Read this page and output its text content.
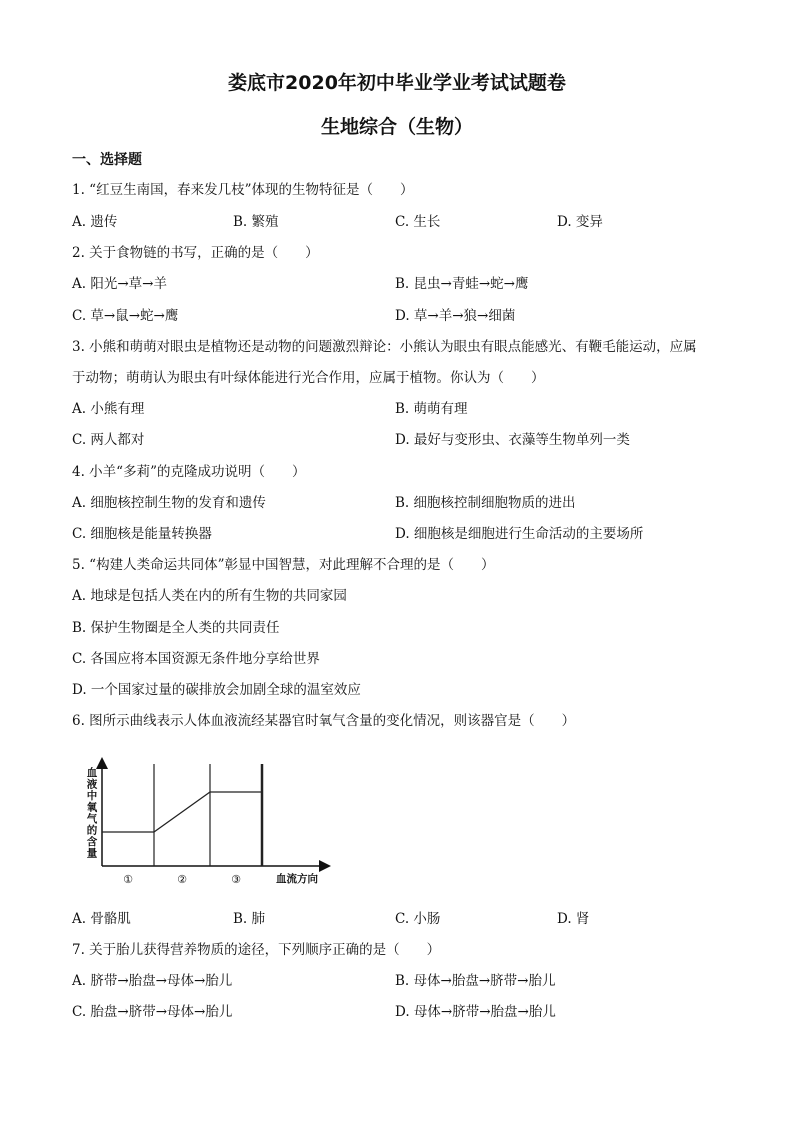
娄底市2020年初中毕业学业考试试题卷
生地综合（生物）
一、选择题
1. “红豆生南国，春来发几枝”体现的生物特征是（　　）
A. 遗传	B. 繁殖	C. 生长	D. 变异
2. 关于食物链的书写，正确的是（　　）
A. 阳光→草→羊	B. 昆虫→青蛙→蛇→鹰
C. 草→鼠→蛇→鹰	D. 草→羊→狼→细菌
3. 小熊和萌萌对眼虫是植物还是动物的问题激烈辩论：小熊认为眼虫有眼点能感光、有鞭毛能运动，应属
于动物；萌萌认为眼虫有叶绿体能进行光合作用，应属于植物。你认为（　　）
A. 小熊有理	B. 萌萌有理
C. 两人都对	D. 最好与变形虫、衣藻等生物单列一类
4. 小羊“多莉”的克隆成功说明（　　）
A. 细胞核控制生物的发育和遗传	B. 细胞核控制细胞物质的进出
C. 细胞核是能量转换器	D. 细胞核是细胞进行生命活动的主要场所
5. “构建人类命运共同体”彰显中国智慧，对此理解不合理的是（　　）
A. 地球是包括人类在内的所有生物的共同家园
B. 保护生物圈是全人类的共同责任
C. 各国应将本国资源无条件地分享给世界
D. 一个国家过量的碳排放会加剧全球的温室效应
6. 图所示曲线表示人体血液流经某器官时氧气含量的变化情况，则该器官是（　　）
血液中氧气的含量
①	②	③	血流方向
A. 骨骼肌	B. 肺	C. 小肠	D. 肾
7. 关于胎儿获得营养物质的途径，下列顺序正确的是（　　）
A. 脐带→胎盘→母体→胎儿	B. 母体→胎盘→脐带→胎儿
C. 胎盘→脐带→母体→胎儿	D. 母体→脐带→胎盘→胎儿
